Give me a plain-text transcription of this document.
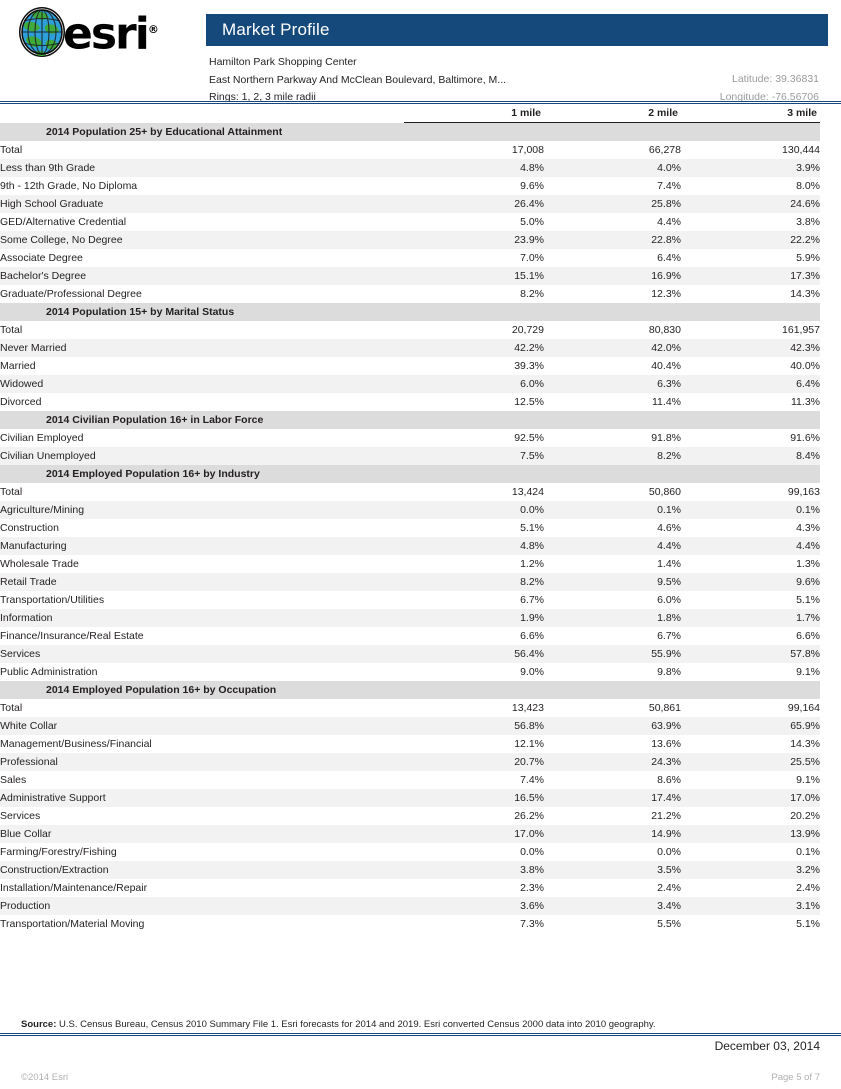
esri®	Market Profile
Hamilton Park Shopping Center
East Northern Parkway And McClean Boulevard, Baltimore, M...
Rings: 1, 2, 3 mile radii
Latitude: 39.36831
Longitude: -76.56706
	1 mile	2 mile	3 mile
2014 Population 25+ by Educational Attainment			
Total	17,008	66,278	130,444
Less than 9th Grade	4.8%	4.0%	3.9%
9th - 12th Grade, No Diploma	9.6%	7.4%	8.0%
High School Graduate	26.4%	25.8%	24.6%
GED/Alternative Credential	5.0%	4.4%	3.8%
Some College, No Degree	23.9%	22.8%	22.2%
Associate Degree	7.0%	6.4%	5.9%
Bachelor's Degree	15.1%	16.9%	17.3%
Graduate/Professional Degree	8.2%	12.3%	14.3%
2014 Population 15+ by Marital Status			
Total	20,729	80,830	161,957
Never Married	42.2%	42.0%	42.3%
Married	39.3%	40.4%	40.0%
Widowed	6.0%	6.3%	6.4%
Divorced	12.5%	11.4%	11.3%
2014 Civilian Population 16+ in Labor Force			
Civilian Employed	92.5%	91.8%	91.6%
Civilian Unemployed	7.5%	8.2%	8.4%
2014 Employed Population 16+ by Industry			
Total	13,424	50,860	99,163
Agriculture/Mining	0.0%	0.1%	0.1%
Construction	5.1%	4.6%	4.3%
Manufacturing	4.8%	4.4%	4.4%
Wholesale Trade	1.2%	1.4%	1.3%
Retail Trade	8.2%	9.5%	9.6%
Transportation/Utilities	6.7%	6.0%	5.1%
Information	1.9%	1.8%	1.7%
Finance/Insurance/Real Estate	6.6%	6.7%	6.6%
Services	56.4%	55.9%	57.8%
Public Administration	9.0%	9.8%	9.1%
2014 Employed Population 16+ by Occupation			
Total	13,423	50,861	99,164
White Collar	56.8%	63.9%	65.9%
Management/Business/Financial	12.1%	13.6%	14.3%
Professional	20.7%	24.3%	25.5%
Sales	7.4%	8.6%	9.1%
Administrative Support	16.5%	17.4%	17.0%
Services	26.2%	21.2%	20.2%
Blue Collar	17.0%	14.9%	13.9%
Farming/Forestry/Fishing	0.0%	0.0%	0.1%
Construction/Extraction	3.8%	3.5%	3.2%
Installation/Maintenance/Repair	2.3%	2.4%	2.4%
Production	3.6%	3.4%	3.1%
Transportation/Material Moving	7.3%	5.5%	5.1%
Source: U.S. Census Bureau, Census 2010 Summary File 1. Esri forecasts for 2014 and 2019. Esri converted Census 2000 data into 2010 geography.
December 03, 2014
©2014 Esri	Page 5 of 7
